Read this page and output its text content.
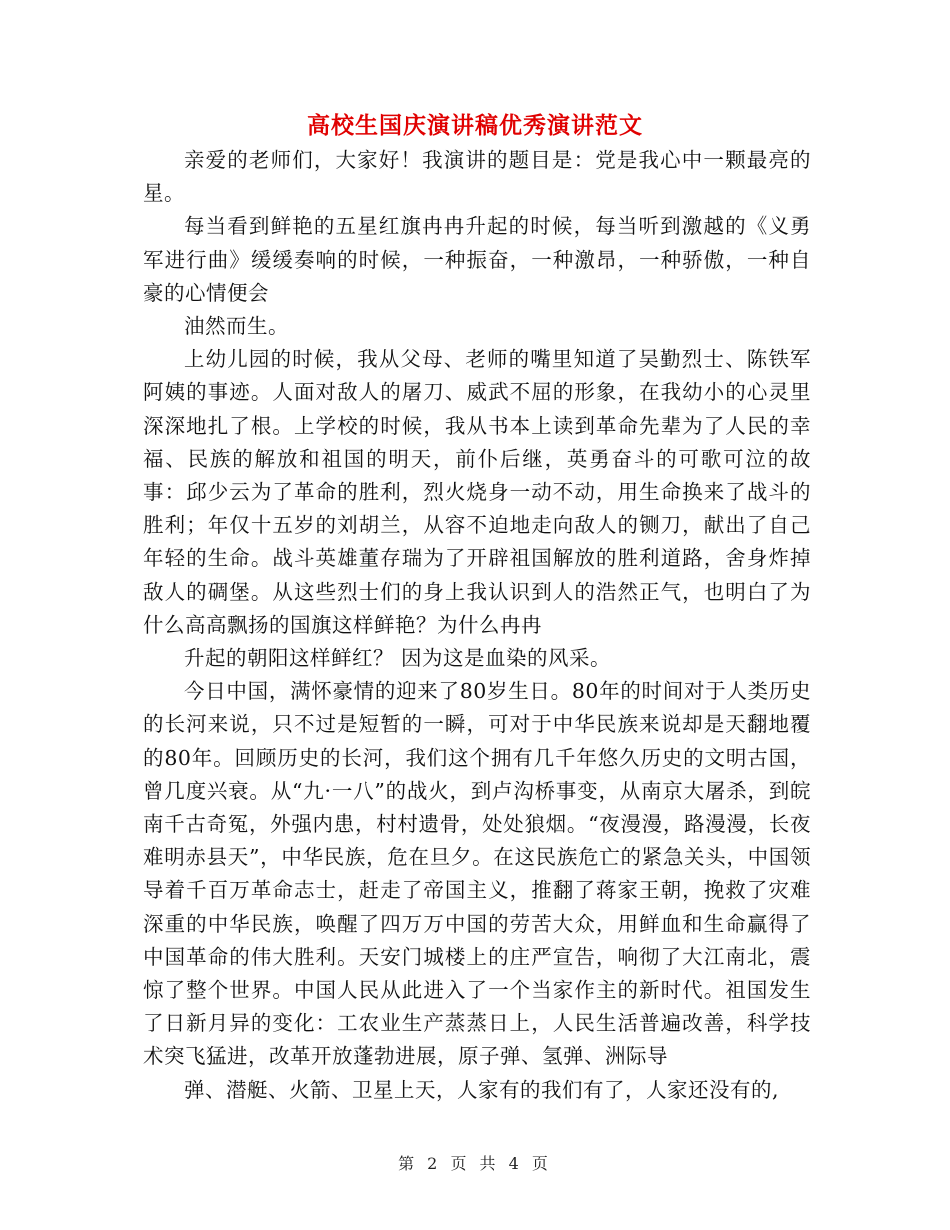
高校生国庆演讲稿优秀演讲范文

亲爱的老师们，大家好！我演讲的题目是：党是我心中一颗最亮的星。

每当看到鲜艳的五星红旗冉冉升起的时候，每当听到激越的《义勇军进行曲》缓缓奏响的时候，一种振奋，一种激昂，一种骄傲，一种自豪的心情便会

油然而生。

上幼儿园的时候，我从父母、老师的嘴里知道了吴勤烈士、陈铁军阿姨的事迹。人面对敌人的屠刀、威武不屈的形象，在我幼小的心灵里深深地扎了根。上学校的时候，我从书本上读到革命先辈为了人民的幸福、民族的解放和祖国的明天，前仆后继，英勇奋斗的可歌可泣的故事：邱少云为了革命的胜利，烈火烧身一动不动，用生命换来了战斗的胜利；年仅十五岁的刘胡兰，从容不迫地走向敌人的铡刀，献出了自己年轻的生命。战斗英雄董存瑞为了开辟祖国解放的胜利道路，舍身炸掉敌人的碉堡。从这些烈士们的身上我认识到人的浩然正气，也明白了为什么高高飘扬的国旗这样鲜艳？为什么冉冉

升起的朝阳这样鲜红？ 因为这是血染的风采。

今日中国，满怀豪情的迎来了80岁生日。80年的时间对于人类历史的长河来说，只不过是短暂的一瞬，可对于中华民族来说却是天翻地覆的80年。回顾历史的长河，我们这个拥有几千年悠久历史的文明古国，曾几度兴衰。从“九·一八”的战火，到卢沟桥事变，从南京大屠杀，到皖南千古奇冤，外强内患，村村遗骨，处处狼烟。“夜漫漫，路漫漫，长夜难明赤县天”，中华民族，危在旦夕。在这民族危亡的紧急关头，中国领导着千百万革命志士，赶走了帝国主义，推翻了蒋家王朝，挽救了灾难深重的中华民族，唤醒了四万万中国的劳苦大众，用鲜血和生命赢得了中国革命的伟大胜利。天安门城楼上的庄严宣告，响彻了大江南北，震惊了整个世界。中国人民从此进入了一个当家作主的新时代。祖国发生了日新月异的变化：工农业生产蒸蒸日上，人民生活普遍改善，科学技术突飞猛进，改革开放蓬勃进展，原子弹、氢弹、洲际导

弹、潜艇、火箭、卫星上天，人家有的我们有了，人家还没有的,

第 2 页 共 4 页
